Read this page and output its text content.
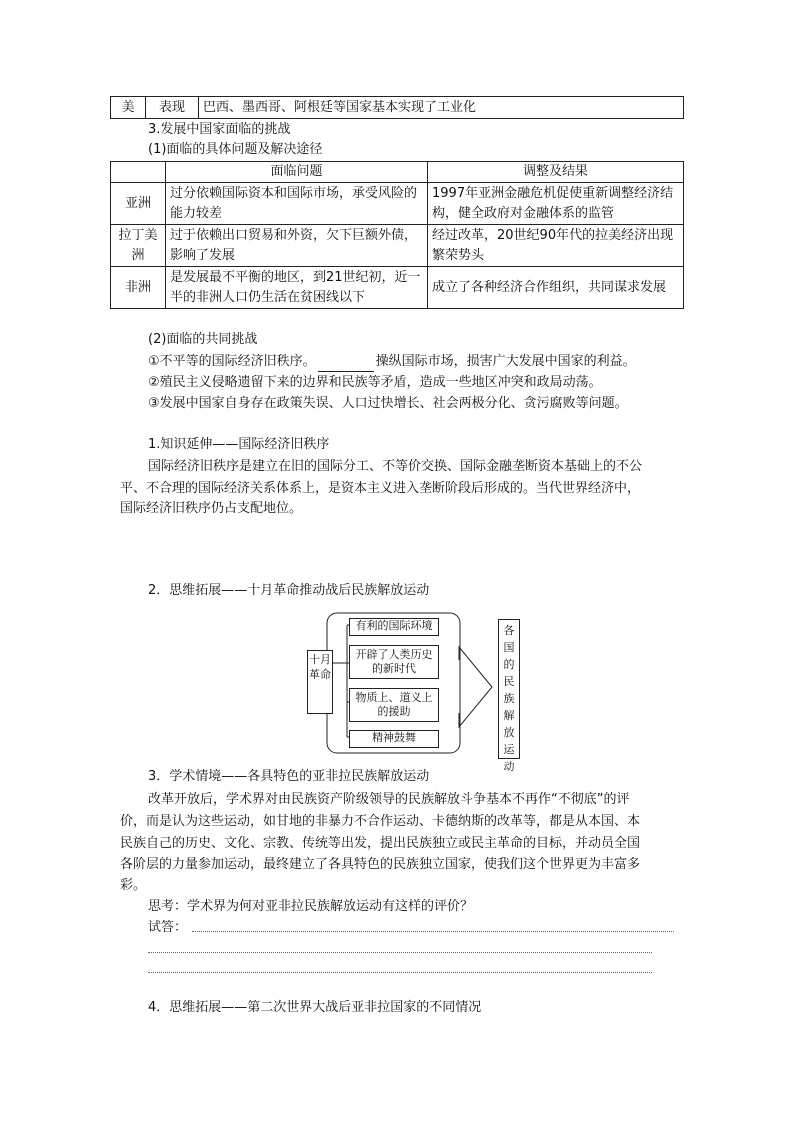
美	表现	巴西、墨西哥、阿根廷等国家基本实现了工业化
3.发展中国家面临的挑战
(1)面临的具体问题及解决途径
	面临问题	调整及结果
亚洲	过分依赖国际资本和国际市场，承受风险的能力较差	1997年亚洲金融危机促使重新调整经济结构，健全政府对金融体系的监管
拉丁美洲	过于依赖出口贸易和外资，欠下巨额外债，影响了发展	经过改革，20世纪90年代的拉美经济出现繁荣势头
非洲	是发展最不平衡的地区，到21世纪初，近一半的非洲人口仍生活在贫困线以下	成立了各种经济合作组织，共同谋求发展
(2)面临的共同挑战
①不平等的国际经济旧秩序。	操纵国际市场，损害广大发展中国家的利益。
②殖民主义侵略遗留下来的边界和民族等矛盾，造成一些地区冲突和政局动荡。
③发展中国家自身存在政策失误、人口过快增长、社会两极分化、贪污腐败等问题。
1.知识延伸——国际经济旧秩序
国际经济旧秩序是建立在旧的国际分工、不等价交换、国际金融垄断资本基础上的不公
平、不合理的国际经济关系体系上，是资本主义进入垄断阶段后形成的。当代世界经济中，
国际经济旧秩序仍占支配地位。
2．思维拓展——十月革命推动战后民族解放运动
十月革命
有利的国际环境
开辟了人类历史
的新时代
物质上、道义上
的援助
精神鼓舞
各国的民族解放运动
3．学术情境——各具特色的亚非拉民族解放运动
改革开放后，学术界对由民族资产阶级领导的民族解放斗争基本不再作“不彻底”的评
价，而是认为这些运动，如甘地的非暴力不合作运动、卡德纳斯的改革等，都是从本国、本
民族自己的历史、文化、宗教、传统等出发，提出民族独立或民主革命的目标，并动员全国
各阶层的力量参加运动，最终建立了各具特色的民族独立国家，使我们这个世界更为丰富多
彩。
思考：学术界为何对亚非拉民族解放运动有这样的评价？
试答：
4．思维拓展——第二次世界大战后亚非拉国家的不同情况
